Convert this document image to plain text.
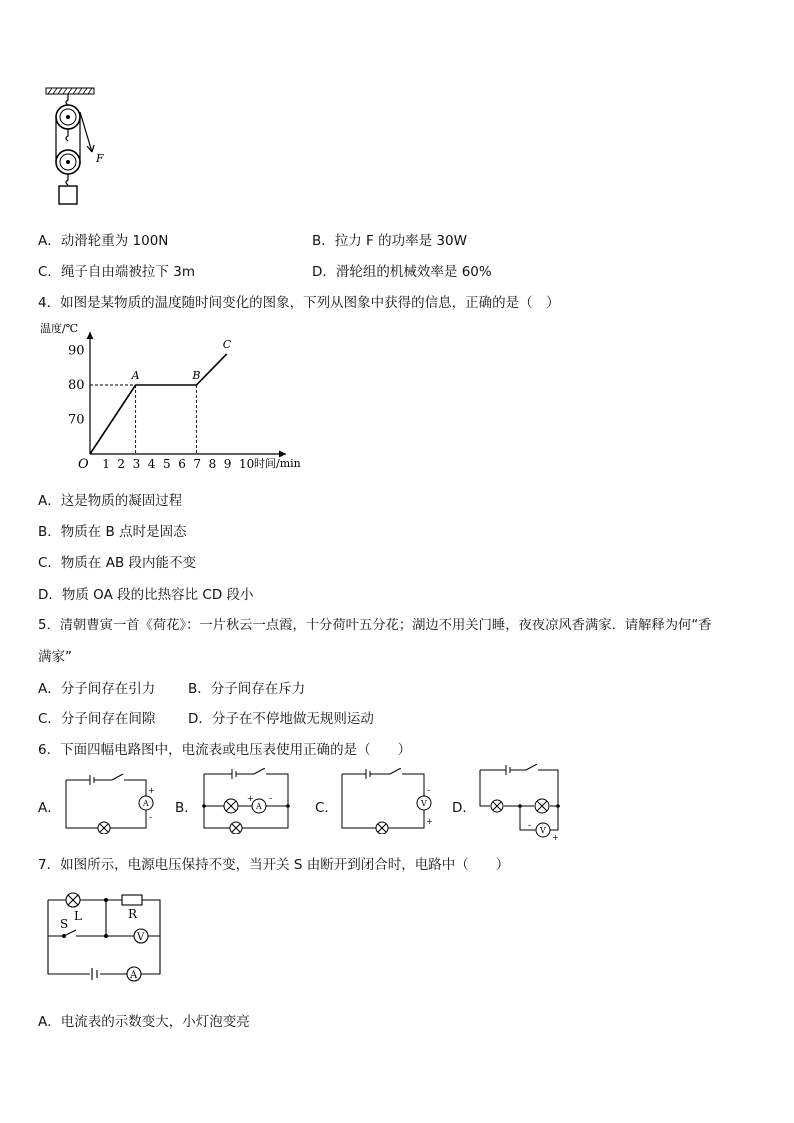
F
A．动滑轮重为 100N	B．拉力 F 的功率是 30W
C．绳子自由端被拉下 3m	D．滑轮组的机械效率是 60%
4．如图是某物质的温度随时间变化的图象，下列从图象中获得的信息，正确的是（　）
温度/℃
时间/min
O
70
80
90
1 2 3 4 5 6 7 8 9 10
A	B
C
A．这是物质的凝固过程
B．物质在 B 点时是固态
C．物质在 AB 段内能不变
D．物质 OA 段的比热容比 CD 段小
5．清朝曹寅一首《荷花》：一片秋云一点霞，十分荷叶五分花；湖边不用关门睡，夜夜凉风香满家．请解释为何“香
满家”
A．分子间存在引力 B．分子间存在斥力
C．分子间存在间隙 D．分子在不停地做无规则运动
6．下面四幅电路图中，电流表或电压表使用正确的是（　　）
A．	B．	C．	D．
A
+
-
A
+ -	V
-
+
V
-
+
7．如图所示，电源电压保持不变，当开关 S 由断开到闭合时，电路中（　　）
L	R
S
V
A
A．电流表的示数变大，小灯泡变亮
